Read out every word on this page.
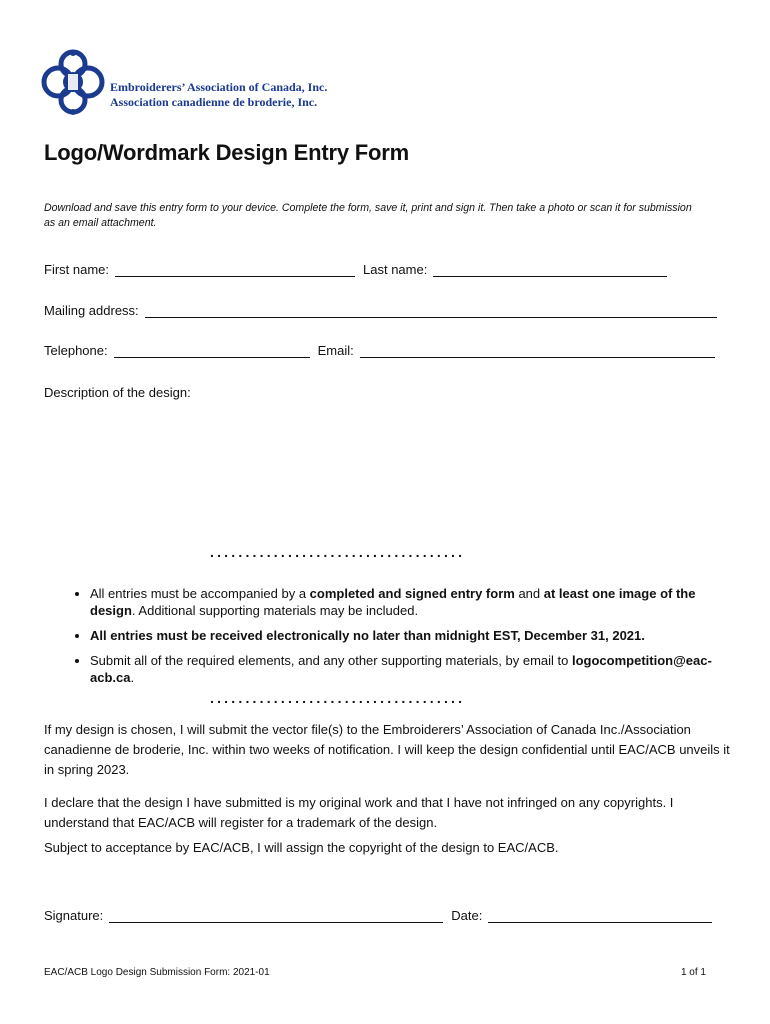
Embroiderers’ Association of Canada, Inc.
Association canadienne de broderie, Inc.
Logo/Wordmark Design Entry Form
Download and save this entry form to your device. Complete the form, save it, print and sign it. Then take a photo or scan it for submission as an email attachment.
First name:	Last name:
Mailing address:
Telephone:	Email:
Description of the design:
....................................
• All entries must be accompanied by a completed and signed entry form and at least one image of the design. Additional supporting materials may be included.
• All entries must be received electronically no later than midnight EST, December 31, 2021.
• Submit all of the required elements, and any other supporting materials, by email to logocompetition@eac-acb.ca.
....................................
If my design is chosen, I will submit the vector file(s) to the Embroiderers’ Association of Canada Inc./Association canadienne de broderie, Inc. within two weeks of notification. I will keep the design confidential until EAC/ACB unveils it in spring 2023.
I declare that the design I have submitted is my original work and that I have not infringed on any copyrights. I understand that EAC/ACB will register for a trademark of the design.
Subject to acceptance by EAC/ACB, I will assign the copyright of the design to EAC/ACB.
Signature:	Date:
EAC/ACB Logo Design Submission Form: 2021-01	1 of 1
